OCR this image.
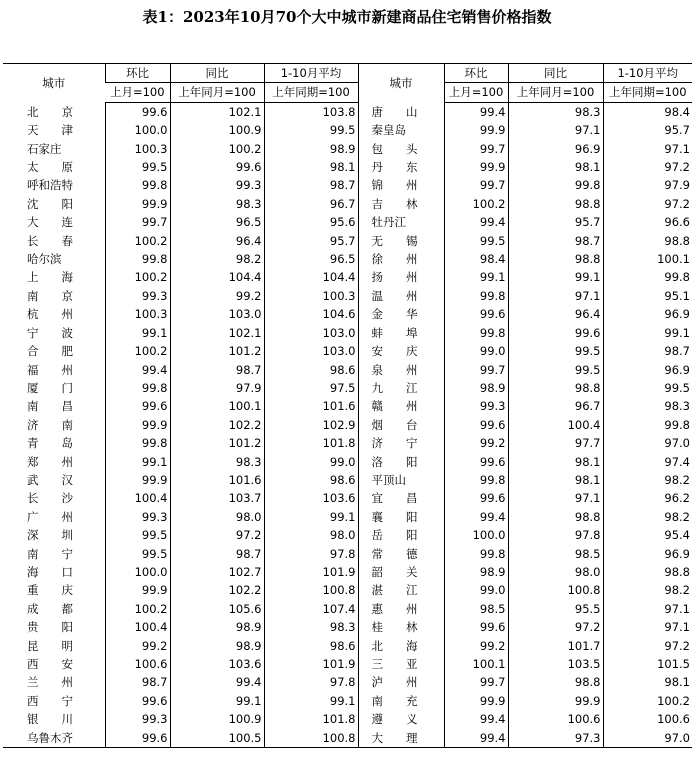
表1：2023年10月70个大中城市新建商品住宅销售价格指数
城市	环比	同比	1-10月平均	城市	环比	同比	1-10月平均
	上月=100	上年同月=100	上年同期=100		上月=100	上年同月=100	上年同期=100
北　　京	99.6	102.1	103.8	唐　　山	99.4	98.3	98.4
天　　津	100.0	100.9	99.5	秦皇岛	99.9	97.1	95.7
石家庄	100.3	100.2	98.9	包　　头	99.7	96.9	97.1
太　　原	99.5	99.6	98.1	丹　　东	99.9	98.1	97.2
呼和浩特	99.8	99.3	98.7	锦　　州	99.7	99.8	97.9
沈　　阳	99.9	98.3	96.7	吉　　林	100.2	98.8	97.2
大　　连	99.7	96.5	95.6	牡丹江	99.4	95.7	96.6
长　　春	100.2	96.4	95.7	无　　锡	99.5	98.7	98.8
哈尔滨	99.8	98.2	96.5	徐　　州	98.4	98.8	100.1
上　　海	100.2	104.4	104.4	扬　　州	99.1	99.1	99.8
南　　京	99.3	99.2	100.3	温　　州	99.8	97.1	95.1
杭　　州	100.3	103.0	104.6	金　　华	99.6	96.4	96.9
宁　　波	99.1	102.1	103.0	蚌　　埠	99.8	99.6	99.1
合　　肥	100.2	101.2	103.0	安　　庆	99.0	99.5	98.7
福　　州	99.4	98.7	98.6	泉　　州	99.7	99.5	96.9
厦　　门	99.8	97.9	97.5	九　　江	98.9	98.8	99.5
南　　昌	99.6	100.1	101.6	赣　　州	99.3	96.7	98.3
济　　南	99.9	102.2	102.9	烟　　台	99.6	100.4	99.8
青　　岛	99.8	101.2	101.8	济　　宁	99.2	97.7	97.0
郑　　州	99.1	98.3	99.0	洛　　阳	99.6	98.1	97.4
武　　汉	99.9	101.6	98.6	平顶山	99.8	98.1	98.2
长　　沙	100.4	103.7	103.6	宜　　昌	99.6	97.1	96.2
广　　州	99.3	98.0	99.1	襄　　阳	99.4	98.8	98.2
深　　圳	99.5	97.2	98.0	岳　　阳	100.0	97.8	95.4
南　　宁	99.5	98.7	97.8	常　　德	99.8	98.5	96.9
海　　口	100.0	102.7	101.9	韶　　关	98.9	98.0	98.8
重　　庆	99.9	102.2	100.8	湛　　江	99.0	100.8	98.2
成　　都	100.2	105.6	107.4	惠　　州	98.5	95.5	97.1
贵　　阳	100.4	98.9	98.3	桂　　林	99.6	97.2	97.1
昆　　明	99.2	98.9	98.6	北　　海	99.2	101.7	97.2
西　　安	100.6	103.6	101.9	三　　亚	100.1	103.5	101.5
兰　　州	98.7	99.4	97.8	泸　　州	99.7	98.8	98.1
西　　宁	99.6	99.1	99.1	南　　充	99.9	99.9	100.2
银　　川	99.3	100.9	101.8	遵　　义	99.4	100.6	100.6
乌鲁木齐	99.6	100.5	100.8	大　　理	99.4	97.3	97.0
